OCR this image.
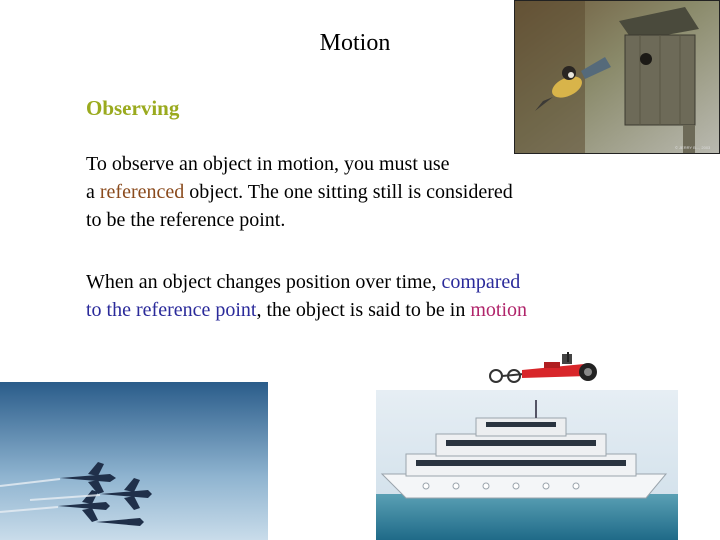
Motion
Observing
To observe an object in motion, you must use
a referenced object. The one sitting still is considered
to be the reference point.
When an object changes position over time, compared
to the reference point, the object is said to be in motion
© JERRY B..., 2003
